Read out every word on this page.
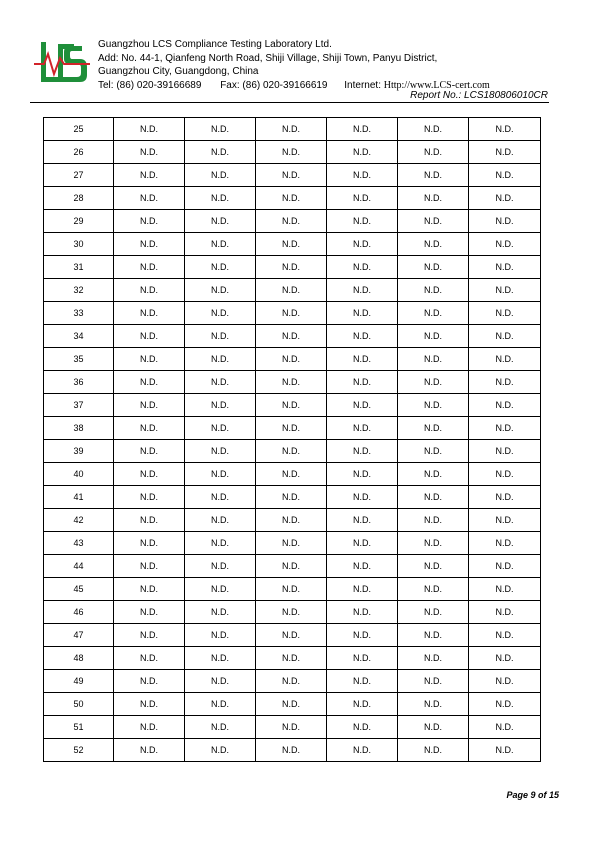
Guangzhou LCS Compliance Testing Laboratory Ltd.
Add: No. 44-1, Qianfeng North Road, Shiji Village, Shiji Town, Panyu District,
Guangzhou City, Guangdong, China
Tel: (86) 020-39166689 Fax: (86) 020-39166619 Internet: Http://www.LCS-cert.com
Report No.: LCS180806010CR
25	N.D.	N.D.	N.D.	N.D.	N.D.	N.D.
26	N.D.	N.D.	N.D.	N.D.	N.D.	N.D.
27	N.D.	N.D.	N.D.	N.D.	N.D.	N.D.
28	N.D.	N.D.	N.D.	N.D.	N.D.	N.D.
29	N.D.	N.D.	N.D.	N.D.	N.D.	N.D.
30	N.D.	N.D.	N.D.	N.D.	N.D.	N.D.
31	N.D.	N.D.	N.D.	N.D.	N.D.	N.D.
32	N.D.	N.D.	N.D.	N.D.	N.D.	N.D.
33	N.D.	N.D.	N.D.	N.D.	N.D.	N.D.
34	N.D.	N.D.	N.D.	N.D.	N.D.	N.D.
35	N.D.	N.D.	N.D.	N.D.	N.D.	N.D.
36	N.D.	N.D.	N.D.	N.D.	N.D.	N.D.
37	N.D.	N.D.	N.D.	N.D.	N.D.	N.D.
38	N.D.	N.D.	N.D.	N.D.	N.D.	N.D.
39	N.D.	N.D.	N.D.	N.D.	N.D.	N.D.
40	N.D.	N.D.	N.D.	N.D.	N.D.	N.D.
41	N.D.	N.D.	N.D.	N.D.	N.D.	N.D.
42	N.D.	N.D.	N.D.	N.D.	N.D.	N.D.
43	N.D.	N.D.	N.D.	N.D.	N.D.	N.D.
44	N.D.	N.D.	N.D.	N.D.	N.D.	N.D.
45	N.D.	N.D.	N.D.	N.D.	N.D.	N.D.
46	N.D.	N.D.	N.D.	N.D.	N.D.	N.D.
47	N.D.	N.D.	N.D.	N.D.	N.D.	N.D.
48	N.D.	N.D.	N.D.	N.D.	N.D.	N.D.
49	N.D.	N.D.	N.D.	N.D.	N.D.	N.D.
50	N.D.	N.D.	N.D.	N.D.	N.D.	N.D.
51	N.D.	N.D.	N.D.	N.D.	N.D.	N.D.
52	N.D.	N.D.	N.D.	N.D.	N.D.	N.D.
Page 9 of 15
